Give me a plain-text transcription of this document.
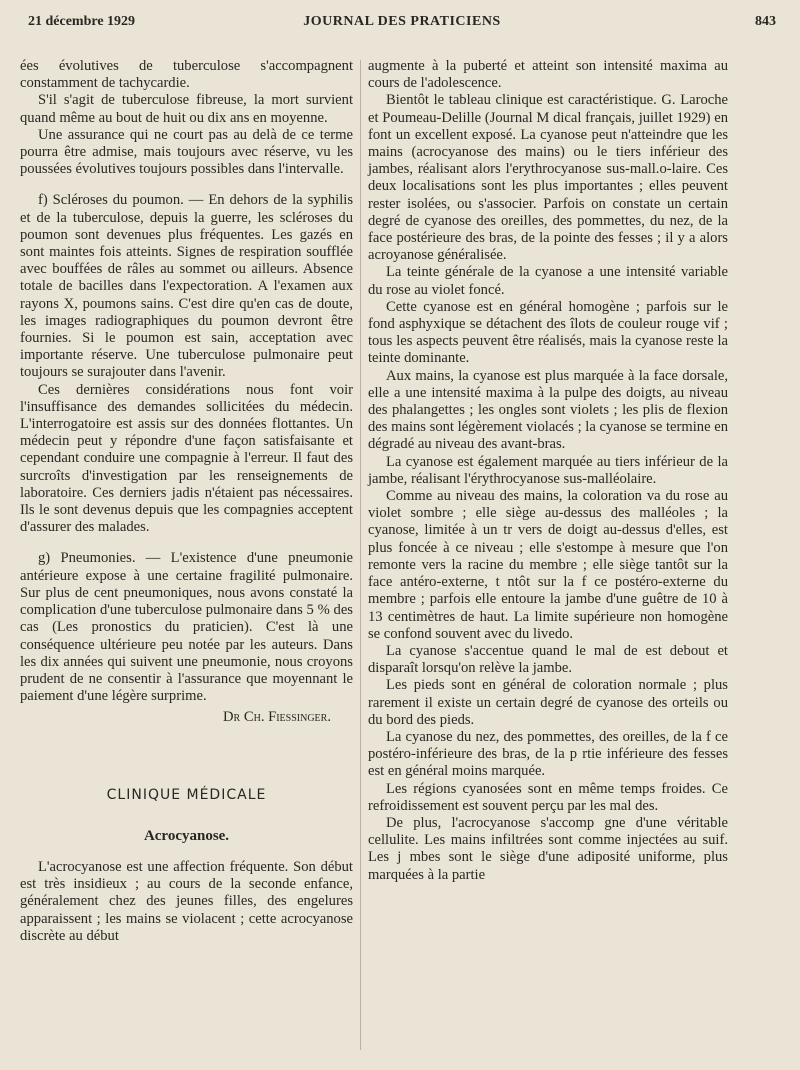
21 décembre 1929	JOURNAL DES PRATICIENS	843

ées évolutives de tuberculose s'accompagnent constamment de tachycardie.

S'il s'agit de tuberculose fibreuse, la mort survient quand même au bout de huit ou dix ans en moyenne.

Une assurance qui ne court pas au delà de ce terme pourra être admise, mais toujours avec réserve, vu les poussées évolutives toujours possibles dans l'intervalle.

f) Scléroses du poumon. — En dehors de la syphilis et de la tuberculose, depuis la guerre, les scléroses du poumon sont devenues plus fréquentes. Les gazés en sont maintes fois atteints. Signes de respiration soufflée avec bouffées de râles au sommet ou ailleurs. Absence totale de bacilles dans l'expectoration. A l'examen aux rayons X, poumons sains. C'est dire qu'en cas de doute, les images radiographiques du poumon devront être fournies. Si le poumon est sain, acceptation avec importante réserve. Une tuberculose pulmonaire peut toujours se surajouter dans l'avenir.

Ces dernières considérations nous font voir l'insuffisance des demandes sollicitées du médecin. L'interrogatoire est assis sur des données flottantes. Un médecin peut y répondre d'une façon satisfaisante et cependant conduire une compagnie à l'erreur. Il faut des surcroîts d'investigation par les renseignements de laboratoire. Ces derniers jadis n'étaient pas nécessaires. Ils le sont devenus depuis que les compagnies acceptent d'assurer des malades.

g) Pneumonies. — L'existence d'une pneumonie antérieure expose à une certaine fragilité pulmonaire. Sur plus de cent pneumoniques, nous avons constaté la complication d'une tuberculose pulmonaire dans 5 % des cas (Les pronostics du praticien). C'est là une conséquence ultérieure peu notée par les auteurs. Dans les dix années qui suivent une pneumonie, nous croyons prudent de ne consentir à l'assurance que moyennant le paiement d'une légère surprime.

Dr Ch. Fiessinger.
CLINIQUE MÉDICALE
Acrocyanose.

L'acrocyanose est une affection fréquente. Son début est très insidieux ; au cours de la seconde enfance, généralement chez des jeunes filles, des engelures apparaissent ; les mains se violacent ; cette acrocyanose discrète au début

augmente à la puberté et atteint son intensité maxima au cours de l'adolescence.

Bientôt le tableau clinique est caractéristique. G. Laroche et Poumeau-Delille (Journal M dical français, juillet 1929) en font un excellent exposé. La cyanose peut n'atteindre que les mains (acrocyanose des mains) ou le tiers inférieur des jambes, réalisant alors l'erythrocyanose sus-mall.o-laire. Ces deux localisations sont les plus importantes ; elles peuvent rester isolées, ou s'associer. Parfois on constate un certain degré de cyanose des oreilles, des pommettes, du nez, de la face postérieure des bras, de la pointe des fesses ; il y a alors acroyanose généralisée.

La teinte générale de la cyanose a une intensité variable du rose au violet foncé.

Cette cyanose est en général homogène ; parfois sur le fond asphyxique se détachent des îlots de couleur rouge vif ; tous les aspects peuvent être réalisés, mais la cyanose reste la teinte dominante.

Aux mains, la cyanose est plus marquée à la face dorsale, elle a une intensité maxima à la pulpe des doigts, au niveau des phalangettes ; les ongles sont violets ; les plis de flexion des mains sont légèrement violacés ; la cyanose se termine en dégradé au niveau des avant-bras.

La cyanose est également marquée au tiers inférieur de la jambe, réalisant l'érythrocyanose sus-malléolaire.

Comme au niveau des mains, la coloration va du rose au violet sombre ; elle siège au-dessus des malléoles ; la cyanose, limitée à un tr vers de doigt au-dessus d'elles, est plus foncée à ce niveau ; elle s'estompe à mesure que l'on remonte vers la racine du membre ; elle siège tantôt sur la face antéro-externe, t ntôt sur la f ce postéro-externe du membre ; parfois elle entoure la jambe d'une guêtre de 10 à 13 centimètres de haut. La limite supérieure non homogène se confond souvent avec du livedo.

La cyanose s'accentue quand le mal de est debout et disparaît lorsqu'on relève la jambe.

Les pieds sont en général de coloration normale ; plus rarement il existe un certain degré de cyanose des orteils ou du bord des pieds.

La cyanose du nez, des pommettes, des oreilles, de la f ce postéro-inférieure des bras, de la p rtie inférieure des fesses est en général moins marquée.

Les régions cyanosées sont en même temps froides. Ce refroidissement est souvent perçu par les mal des.

De plus, l'acrocyanose s'accomp gne d'une véritable cellulite. Les mains infiltrées sont comme injectées au suif. Les j mbes sont le siège d'une adiposité uniforme, plus marquées à la partie
